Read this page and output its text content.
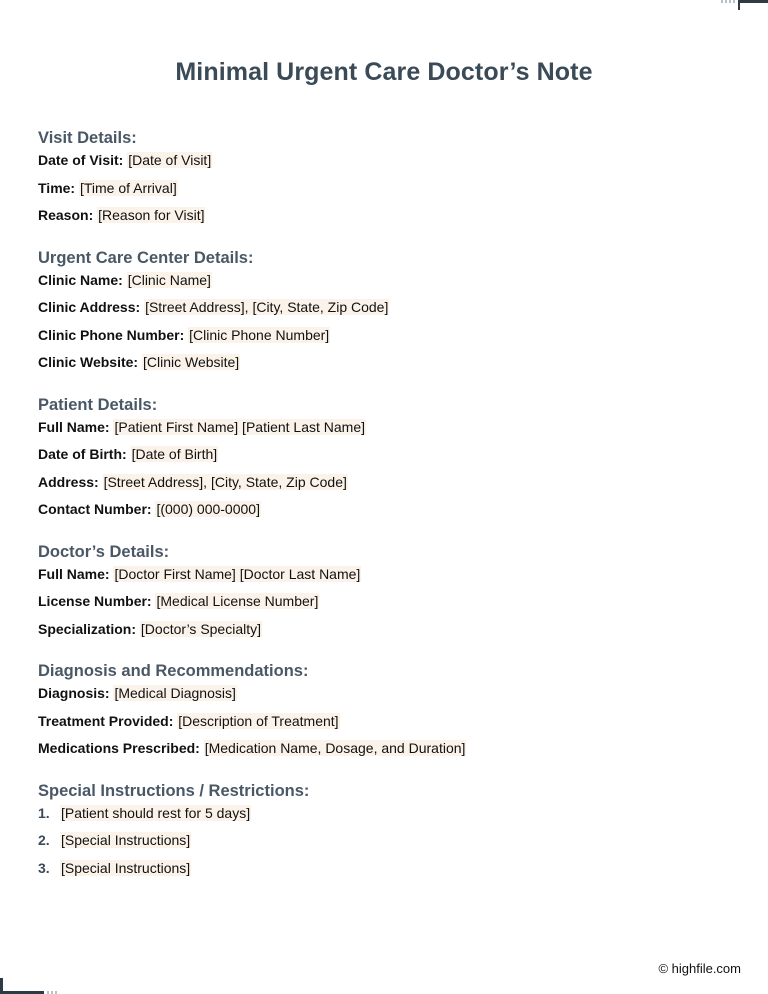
Minimal Urgent Care Doctor’s Note
Visit Details:
Date of Visit: [Date of Visit]
Time: [Time of Arrival]
Reason: [Reason for Visit]
Urgent Care Center Details:
Clinic Name: [Clinic Name]
Clinic Address: [Street Address], [City, State, Zip Code]
Clinic Phone Number: [Clinic Phone Number]
Clinic Website: [Clinic Website]
Patient Details:
Full Name: [Patient First Name] [Patient Last Name]
Date of Birth: [Date of Birth]
Address: [Street Address], [City, State, Zip Code]
Contact Number: [(000) 000-0000]
Doctor’s Details:
Full Name: [Doctor First Name] [Doctor Last Name]
License Number: [Medical License Number]
Specialization: [Doctor’s Specialty]
Diagnosis and Recommendations:
Diagnosis: [Medical Diagnosis]
Treatment Provided: [Description of Treatment]
Medications Prescribed: [Medication Name, Dosage, and Duration]
Special Instructions / Restrictions:
1. [Patient should rest for 5 days]
2. [Special Instructions]
3. [Special Instructions]
© highfile.com
